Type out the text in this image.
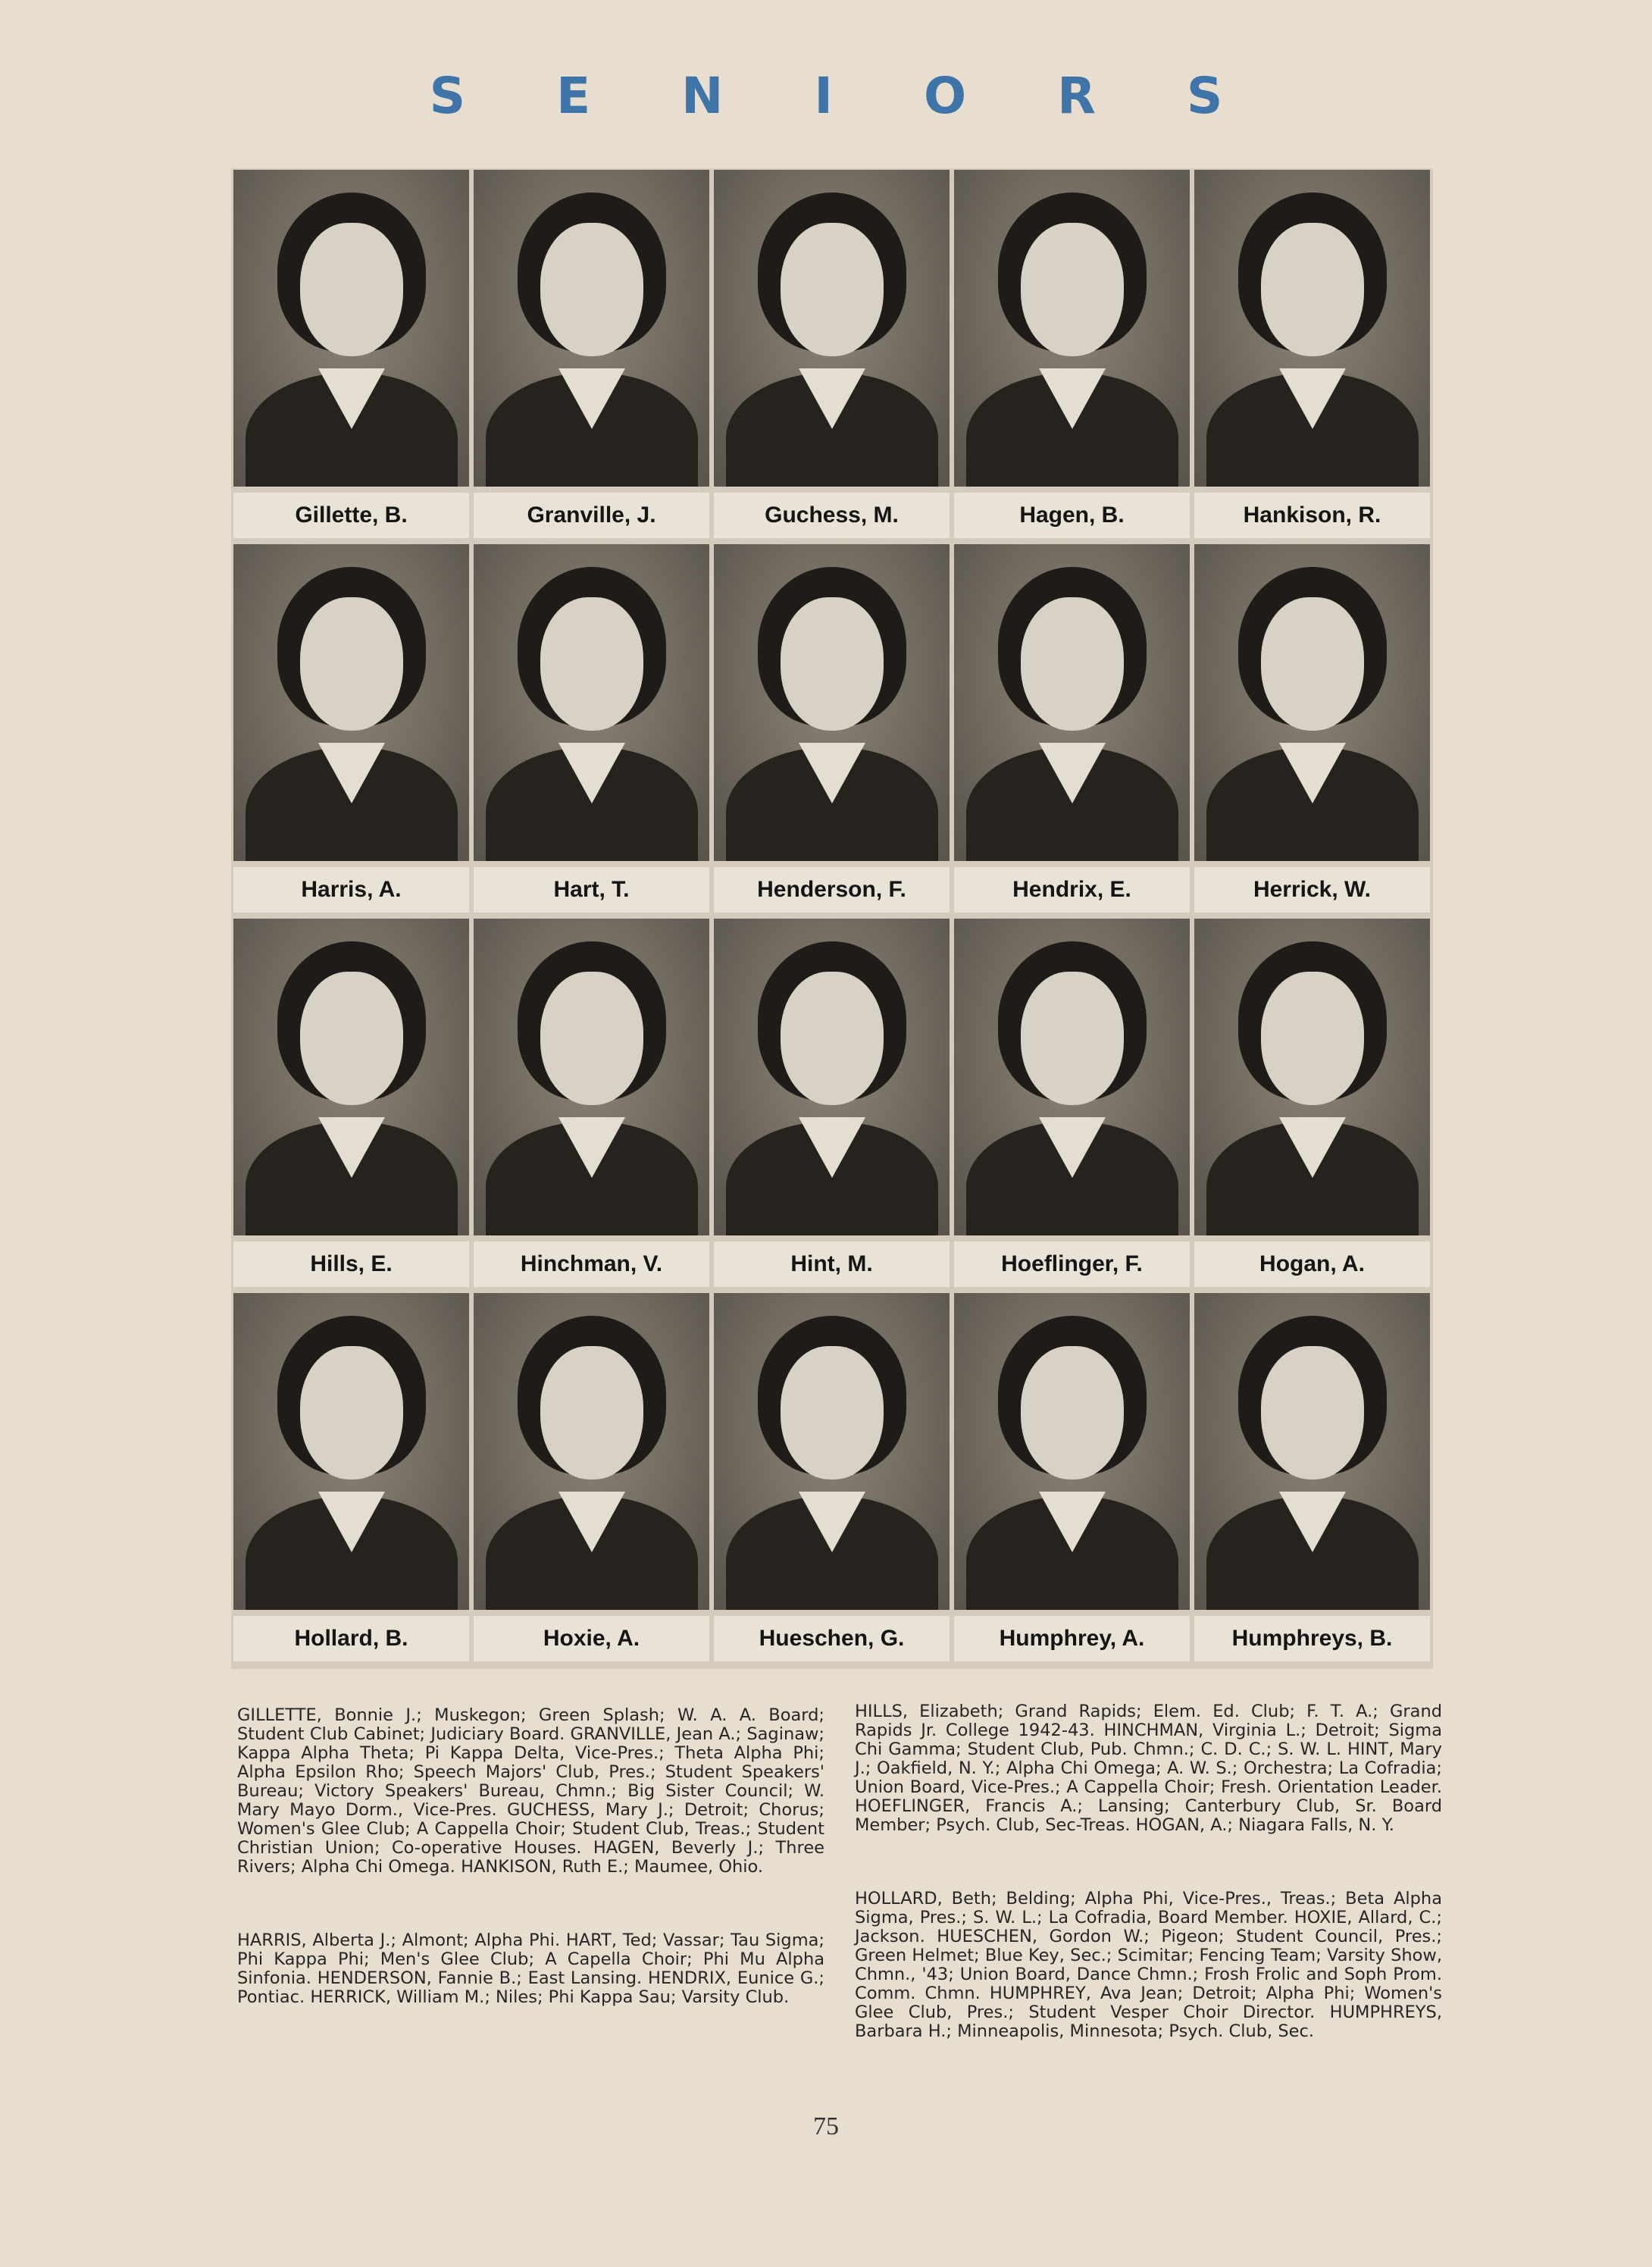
SENIORS
Gillette, B.	Granville, J.	Guchess, M.	Hagen, B.	Hankison, R.
Harris, A.	Hart, T.	Henderson, F.	Hendrix, E.	Herrick, W.
Hills, E.	Hinchman, V.	Hint, M.	Hoeflinger, F.	Hogan, A.
Hollard, B.	Hoxie, A.	Hueschen, G.	Humphrey, A.	Humphreys, B.

GILLETTE, Bonnie J.; Muskegon; Green Splash; W. A. A. Board; Student Club Cabinet; Judiciary Board. GRANVILLE, Jean A.; Saginaw; Kappa Alpha Theta; Pi Kappa Delta, Vice-Pres.; Theta Alpha Phi; Alpha Epsilon Rho; Speech Majors' Club, Pres.; Student Speakers' Bureau; Victory Speakers' Bureau, Chmn.; Big Sister Council; W. Mary Mayo Dorm., Vice-Pres. GUCHESS, Mary J.; Detroit; Chorus; Women's Glee Club; A Cappella Choir; Student Club, Treas.; Student Christian Union; Co-operative Houses. HAGEN, Beverly J.; Three Rivers; Alpha Chi Omega. HANKISON, Ruth E.; Maumee, Ohio.

HARRIS, Alberta J.; Almont; Alpha Phi. HART, Ted; Vassar; Tau Sigma; Phi Kappa Phi; Men's Glee Club; A Capella Choir; Phi Mu Alpha Sinfonia. HENDERSON, Fannie B.; East Lansing. HENDRIX, Eunice G.; Pontiac. HERRICK, William M.; Niles; Phi Kappa Sau; Varsity Club.

HILLS, Elizabeth; Grand Rapids; Elem. Ed. Club; F. T. A.; Grand Rapids Jr. College 1942-43. HINCHMAN, Virginia L.; Detroit; Sigma Chi Gamma; Student Club, Pub. Chmn.; C. D. C.; S. W. L. HINT, Mary J.; Oakfield, N. Y.; Alpha Chi Omega; A. W. S.; Orchestra; La Cofradia; Union Board, Vice-Pres.; A Cappella Choir; Fresh. Orientation Leader. HOEFLINGER, Francis A.; Lansing; Canterbury Club, Sr. Board Member; Psych. Club, Sec-Treas. HOGAN, A.; Niagara Falls, N. Y.

HOLLARD, Beth; Belding; Alpha Phi, Vice-Pres., Treas.; Beta Alpha Sigma, Pres.; S. W. L.; La Cofradia, Board Member. HOXIE, Allard, C.; Jackson. HUESCHEN, Gordon W.; Pigeon; Student Council, Pres.; Green Helmet; Blue Key, Sec.; Scimitar; Fencing Team; Varsity Show, Chmn., '43; Union Board, Dance Chmn.; Frosh Frolic and Soph Prom. Comm. Chmn. HUMPHREY, Ava Jean; Detroit; Alpha Phi; Women's Glee Club, Pres.; Student Vesper Choir Director. HUMPHREYS, Barbara H.; Minneapolis, Minnesota; Psych. Club, Sec.

75
